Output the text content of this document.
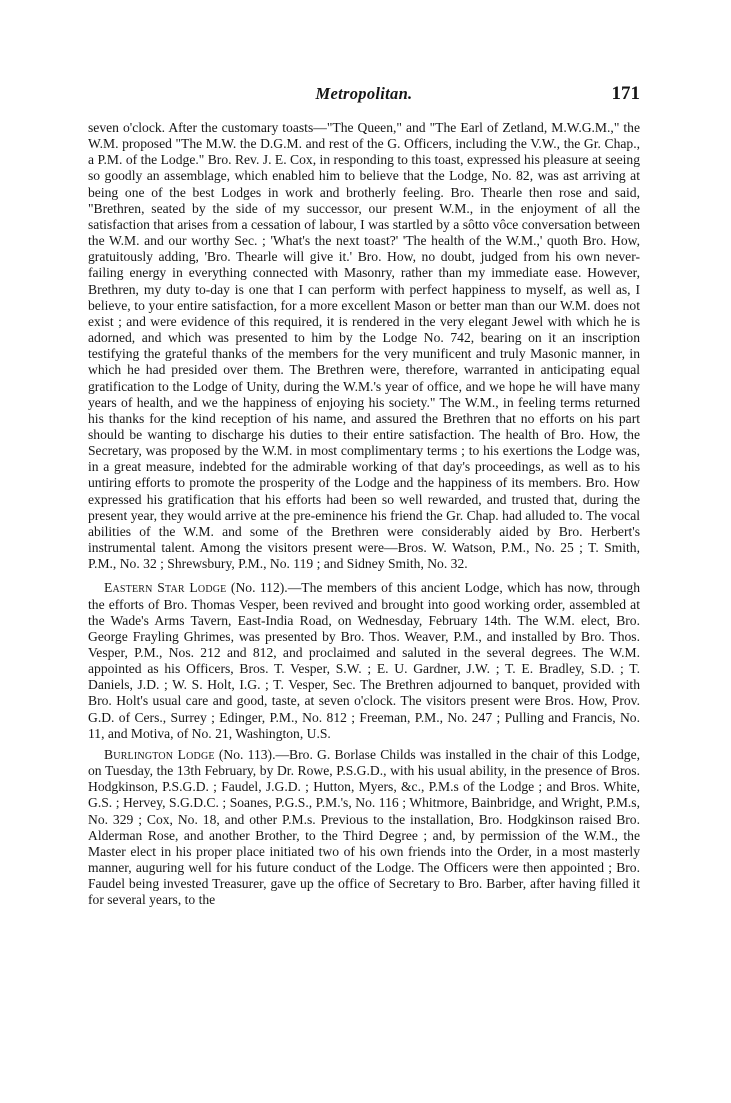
Metropolitan.	171

seven o'clock. After the customary toasts—"The Queen," and "The Earl of Zetland, M.W.G.M.," the W.M. proposed "The M.W. the D.G.M. and rest of the G. Officers, including the V.W., the Gr. Chap., a P.M. of the Lodge." Bro. Rev. J. E. Cox, in responding to this toast, expressed his pleasure at seeing so goodly an assemblage, which enabled him to believe that the Lodge, No. 82, was ast arriving at being one of the best Lodges in work and brotherly feeling. Bro. Thearle then rose and said, "Brethren, seated by the side of my successor, our present W.M., in the enjoyment of all the satisfaction that arises from a cessation of labour, I was startled by a sôtto vôce conversation between the W.M. and our worthy Sec. ; 'What's the next toast?' 'The health of the W.M.,' quoth Bro. How, gratuitously adding, 'Bro. Thearle will give it.' Bro. How, no doubt, judged from his own never-failing energy in everything connected with Masonry, rather than my immediate ease. However, Brethren, my duty to-day is one that I can perform with perfect happiness to myself, as well as, I believe, to your entire satisfaction, for a more excellent Mason or better man than our W.M. does not exist ; and were evidence of this required, it is rendered in the very elegant Jewel with which he is adorned, and which was presented to him by the Lodge No. 742, bearing on it an inscription testifying the grateful thanks of the members for the very munificent and truly Masonic manner, in which he had presided over them. The Brethren were, therefore, warranted in anticipating equal gratification to the Lodge of Unity, during the W.M.'s year of office, and we hope he will have many years of health, and we the happiness of enjoying his society." The W.M., in feeling terms returned his thanks for the kind reception of his name, and assured the Brethren that no efforts on his part should be wanting to discharge his duties to their entire satisfaction. The health of Bro. How, the Secretary, was proposed by the W.M. in most complimentary terms ; to his exertions the Lodge was, in a great measure, indebted for the admirable working of that day's proceedings, as well as to his untiring efforts to promote the prosperity of the Lodge and the happiness of its members. Bro. How expressed his gratification that his efforts had been so well rewarded, and trusted that, during the present year, they would arrive at the pre-eminence his friend the Gr. Chap. had alluded to. The vocal abilities of the W.M. and some of the Brethren were considerably aided by Bro. Herbert's instrumental talent. Among the visitors present were—Bros. W. Watson, P.M., No. 25 ; T. Smith, P.M., No. 32 ; Shrewsbury, P.M., No. 119 ; and Sidney Smith, No. 32.

Eastern Star Lodge (No. 112).—The members of this ancient Lodge, which has now, through the efforts of Bro. Thomas Vesper, been revived and brought into good working order, assembled at the Wade's Arms Tavern, East-India Road, on Wednesday, February 14th. The W.M. elect, Bro. George Frayling Ghrimes, was presented by Bro. Thos. Weaver, P.M., and installed by Bro. Thos. Vesper, P.M., Nos. 212 and 812, and proclaimed and saluted in the several degrees. The W.M. appointed as his Officers, Bros. T. Vesper, S.W. ; E. U. Gardner, J.W. ; T. E. Bradley, S.D. ; T. Daniels, J.D. ; W. S. Holt, I.G. ; T. Vesper, Sec. The Brethren adjourned to banquet, provided with Bro. Holt's usual care and good, taste, at seven o'clock. The visitors present were Bros. How, Prov. G.D. of Cers., Surrey ; Edinger, P.M., No. 812 ; Freeman, P.M., No. 247 ; Pulling and Francis, No. 11, and Motiva, of No. 21, Washington, U.S.

Burlington Lodge (No. 113).—Bro. G. Borlase Childs was installed in the chair of this Lodge, on Tuesday, the 13th February, by Dr. Rowe, P.S.G.D., with his usual ability, in the presence of Bros. Hodgkinson, P.S.G.D. ; Faudel, J.G.D. ; Hutton, Myers, &c., P.M.s of the Lodge ; and Bros. White, G.S. ; Hervey, S.G.D.C. ; Soanes, P.G.S., P.M.'s, No. 116 ; Whitmore, Bainbridge, and Wright, P.M.s, No. 329 ; Cox, No. 18, and other P.M.s. Previous to the installation, Bro. Hodgkinson raised Bro. Alderman Rose, and another Brother, to the Third Degree ; and, by permission of the W.M., the Master elect in his proper place initiated two of his own friends into the Order, in a most masterly manner, auguring well for his future conduct of the Lodge. The Officers were then appointed ; Bro. Faudel being invested Treasurer, gave up the office of Secretary to Bro. Barber, after having filled it for several years, to the
